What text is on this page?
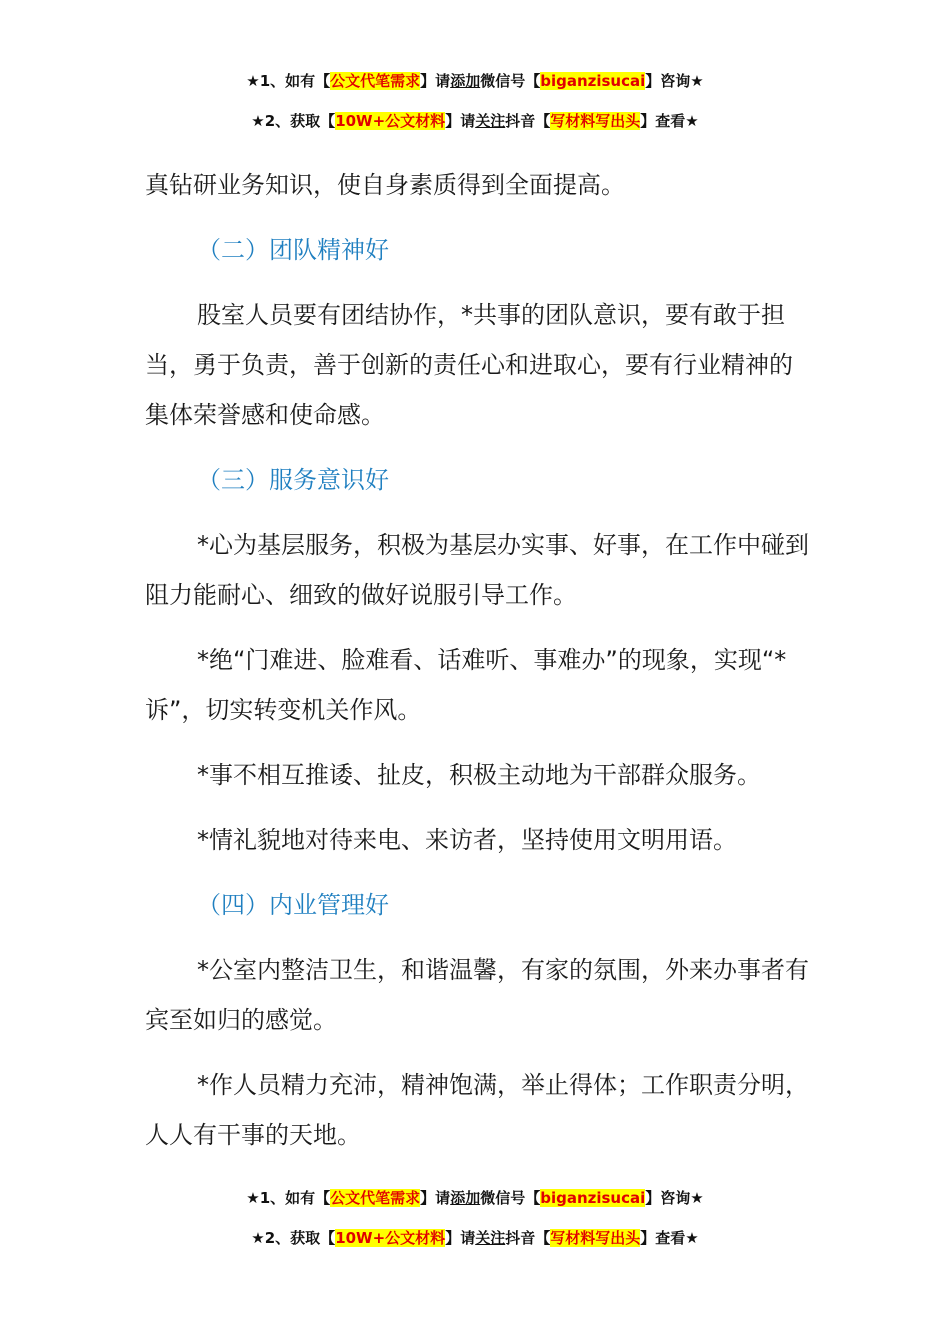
★1、如有【公文代笔需求】请添加微信号【biganzisucai】咨询★
★2、获取【10W+公文材料】请关注抖音【写材料写出头】查看★

真钻研业务知识，使自身素质得到全面提高。

（二）团队精神好

股室人员要有团结协作，*共事的团队意识，要有敢于担当，勇于负责，善于创新的责任心和进取心，要有行业精神的集体荣誉感和使命感。

（三）服务意识好

*心为基层服务，积极为基层办实事、好事，在工作中碰到阻力能耐心、细致的做好说服引导工作。

*绝“门难进、脸难看、话难听、事难办”的现象，实现“*诉”，切实转变机关作风。

*事不相互推诿、扯皮，积极主动地为干部群众服务。

*情礼貌地对待来电、来访者，坚持使用文明用语。

（四）内业管理好

*公室内整洁卫生，和谐温馨，有家的氛围，外来办事者有宾至如归的感觉。

*作人员精力充沛，精神饱满，举止得体；工作职责分明，人人有干事的天地。

★1、如有【公文代笔需求】请添加微信号【biganzisucai】咨询★
★2、获取【10W+公文材料】请关注抖音【写材料写出头】查看★
